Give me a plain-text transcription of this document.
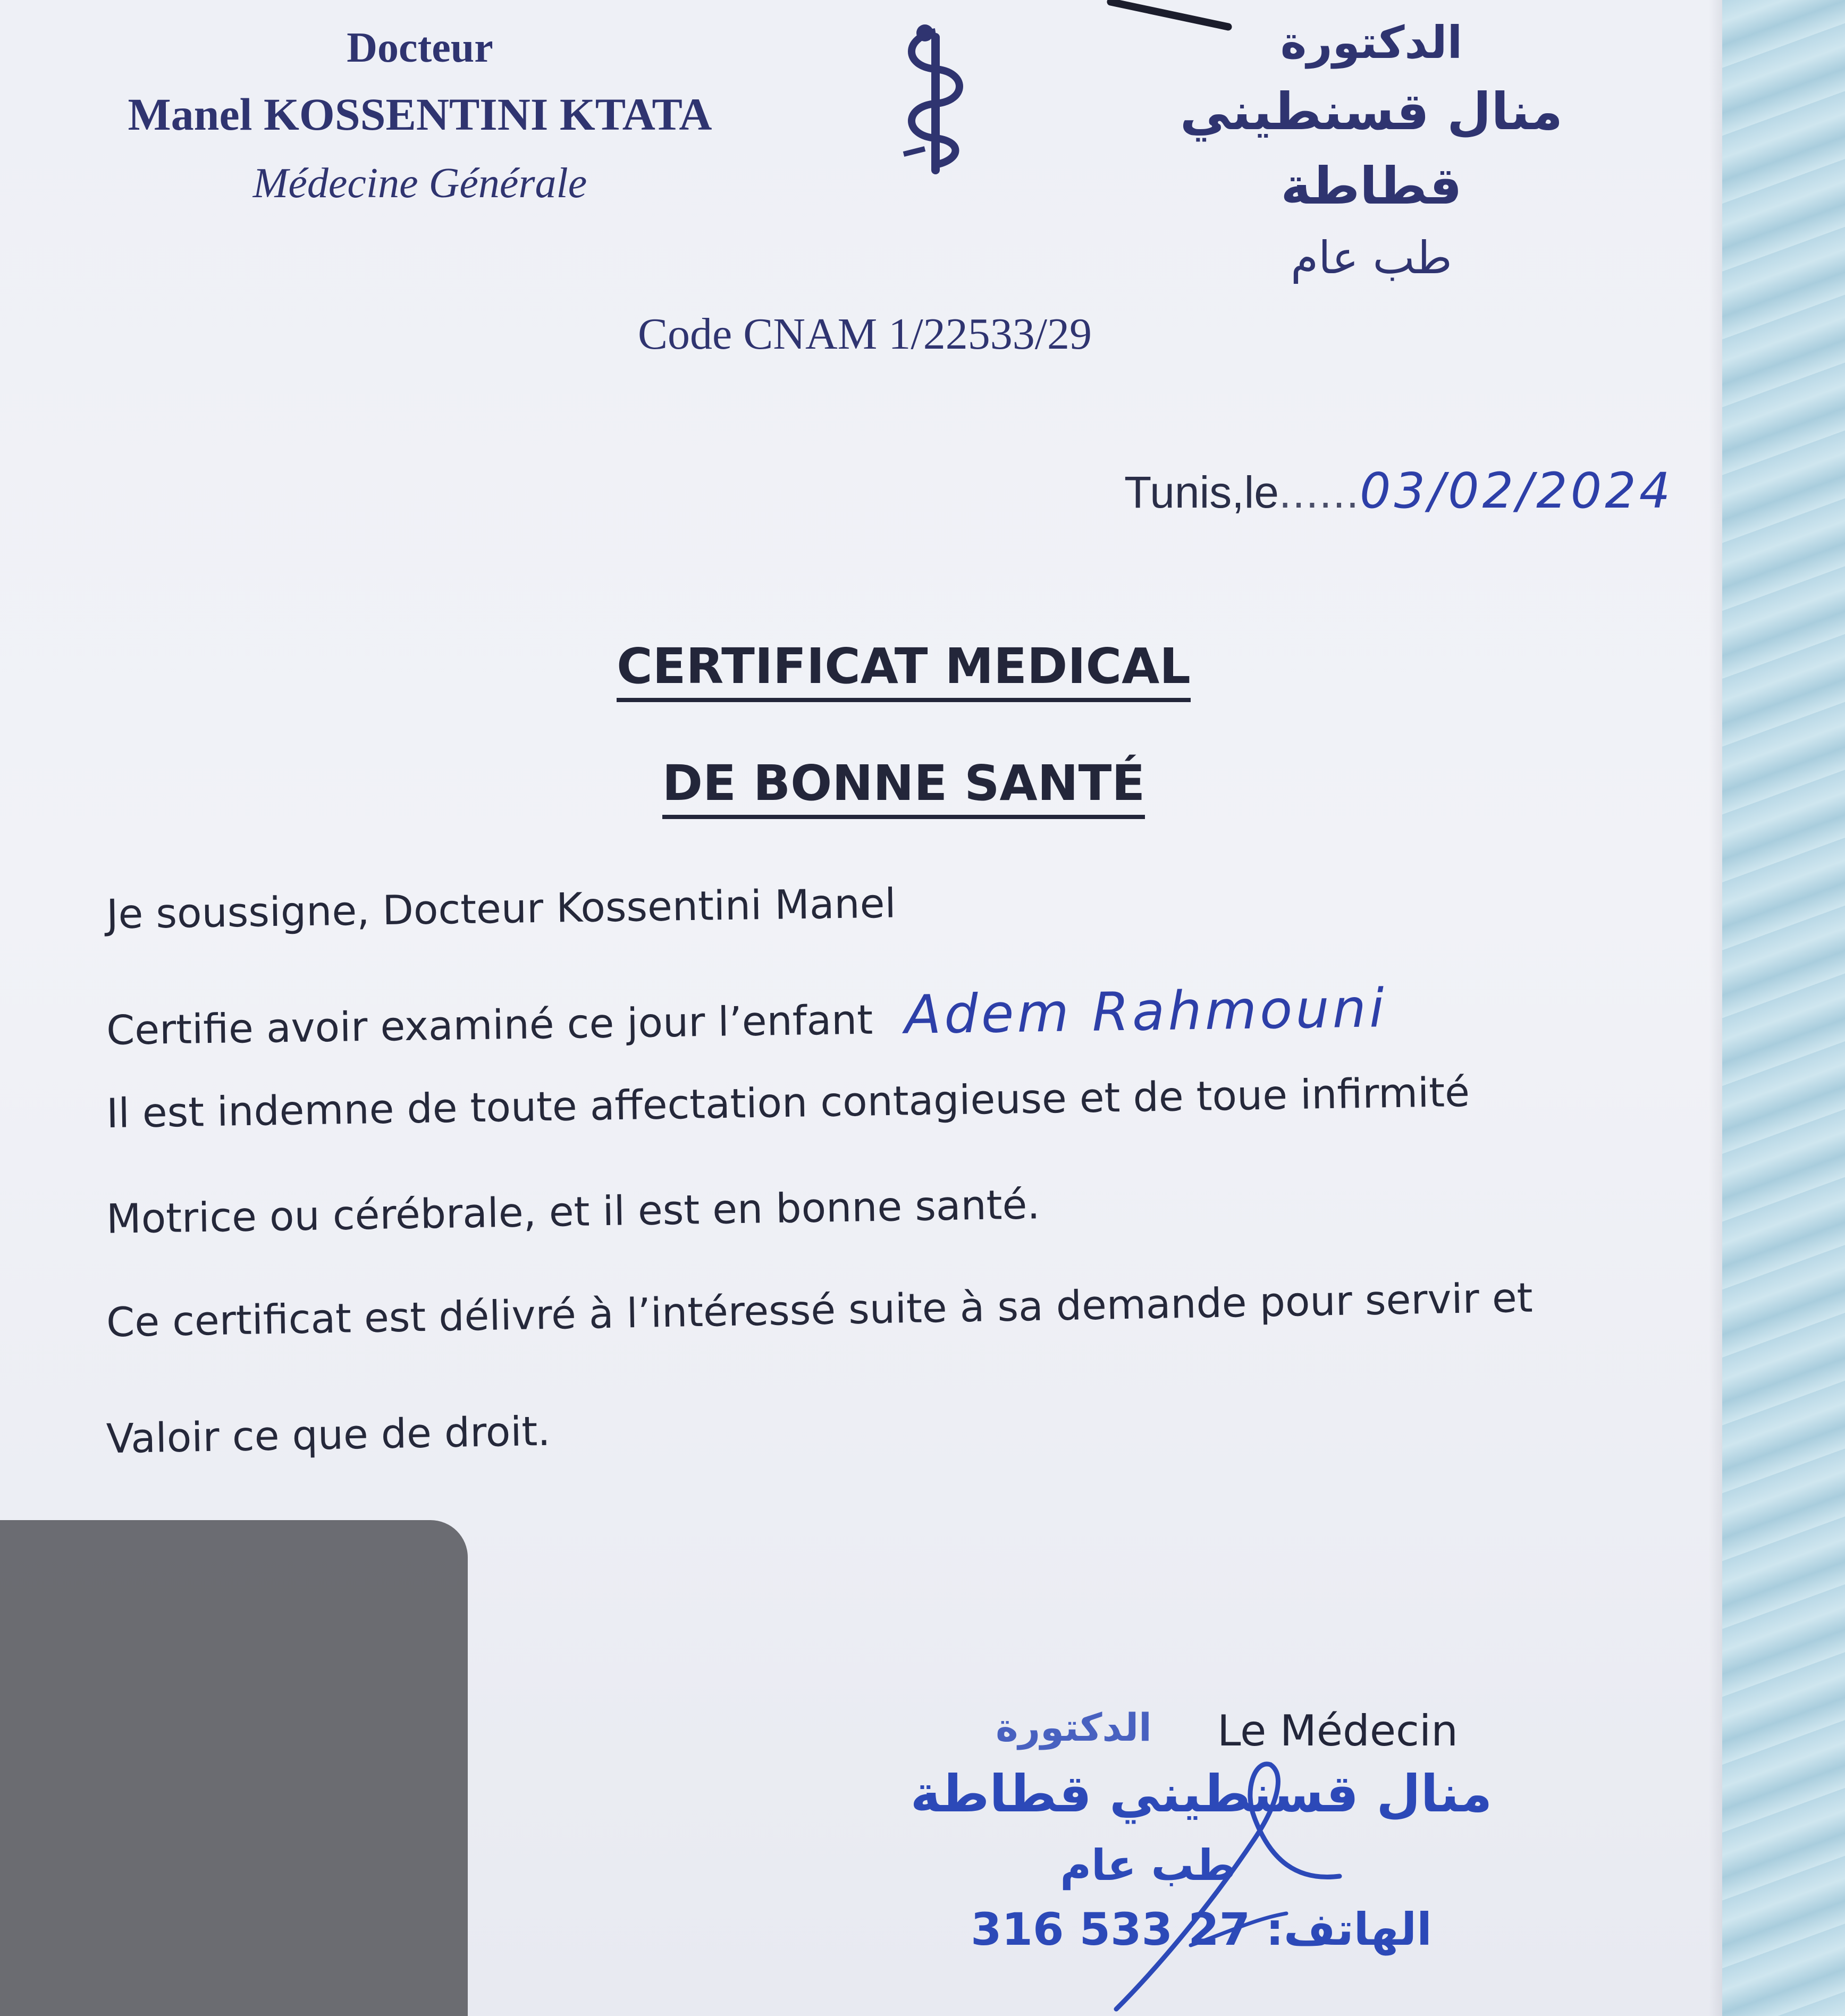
Docteur
Manel KOSSENTINI KTATA
Médecine Générale
الدكتورة
منال قسنطيني قطاطة
طب عام
Code CNAM 1/22533/29
Tunis,le......03/02/2024
CERTIFICAT MEDICAL
DE BONNE SANTÉ
Je soussigne, Docteur Kossentini Manel
Certifie avoir examiné ce jour l’enfant Adem Rahmouni
Il est indemne de toute affectation contagieuse et de toue infirmité
Motrice ou cérébrale, et il est en bonne santé.
Ce certificat est délivré à l’intéressé suite à sa demande pour servir et
Valoir ce que de droit.
Le Médecin
الدكتورة
منال قسنطيني قطاطة
طب عام
الهاتف: 27 533 316
